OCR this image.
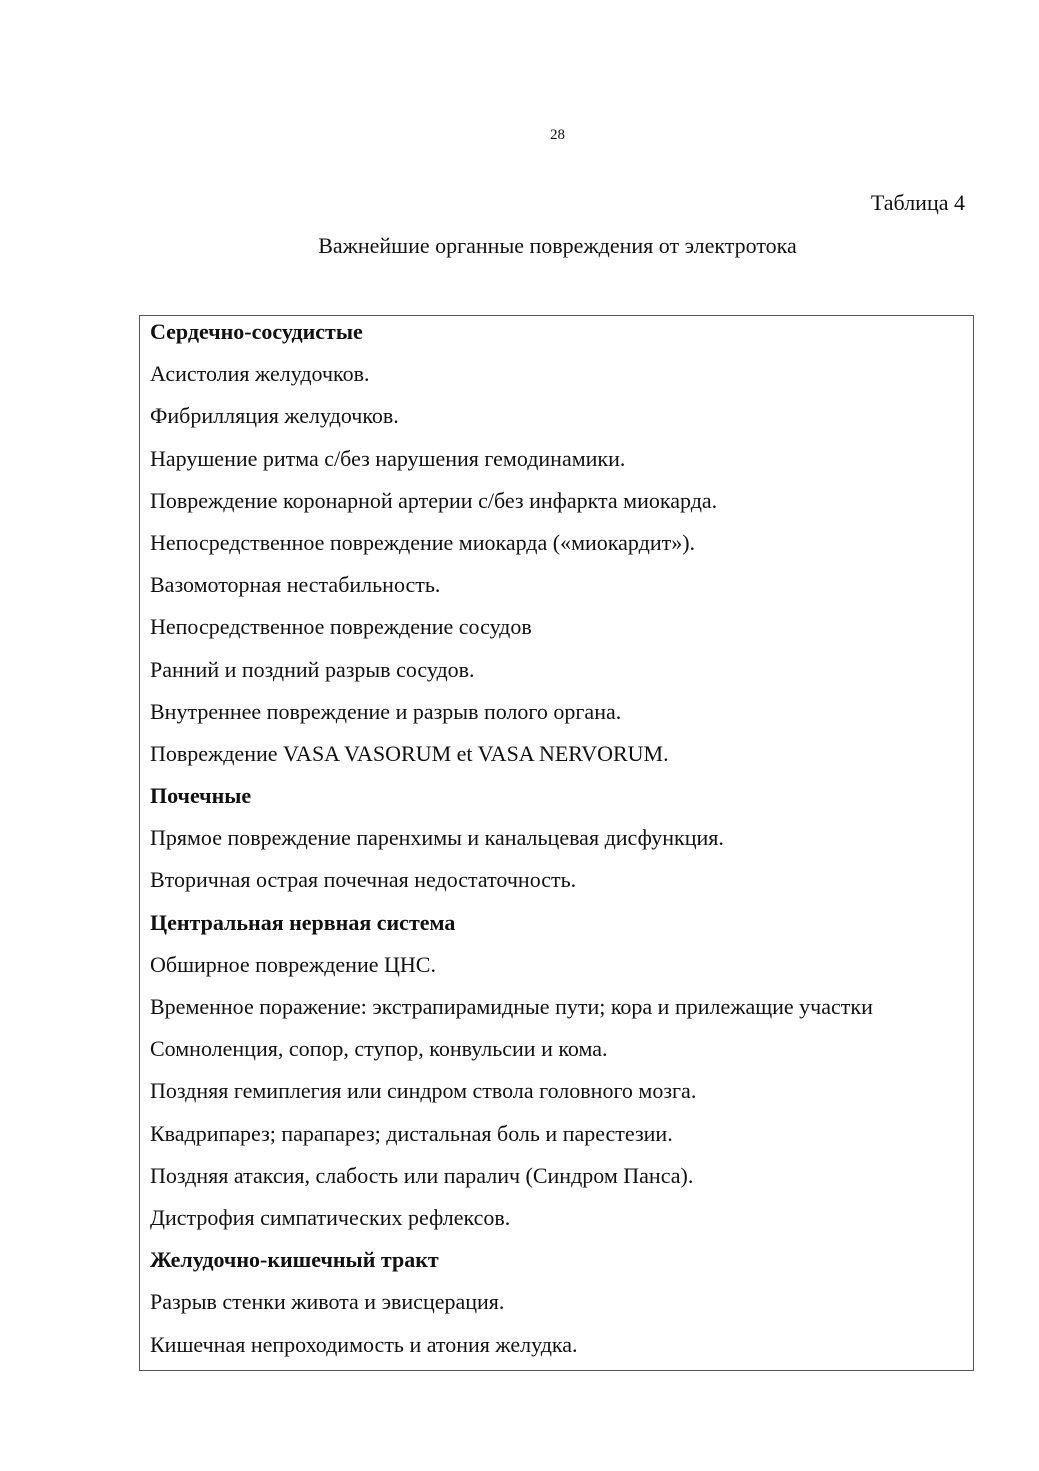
28
Таблица 4
Важнейшие органные повреждения от электротока
Сердечно-сосудистые
Асистолия желудочков.
Фибрилляция желудочков.
Нарушение ритма с/без нарушения гемодинамики.
Повреждение коронарной артерии с/без инфаркта миокарда.
Непосредственное повреждение миокарда («миокардит»).
Вазомоторная нестабильность.
Непосредственное повреждение сосудов
Ранний и поздний разрыв сосудов.
Внутреннее повреждение и разрыв полого органа.
Повреждение VASA VASORUM et VASA NERVORUM.
Почечные
Прямое повреждение паренхимы и канальцевая дисфункция.
Вторичная острая почечная недостаточность.
Центральная нервная система
Обширное повреждение ЦНС.
Временное поражение: экстрапирамидные пути; кора и прилежащие участки
Сомноленция, сопор, ступор, конвульсии и кома.
Поздняя гемиплегия или синдром ствола головного мозга.
Квадрипарез; парапарез; дистальная боль и парестезии.
Поздняя атаксия, слабость или паралич (Синдром Панса).
Дистрофия симпатических рефлексов.
Желудочно-кишечный тракт
Разрыв стенки живота и эвисцерация.
Кишечная непроходимость и атония желудка.
